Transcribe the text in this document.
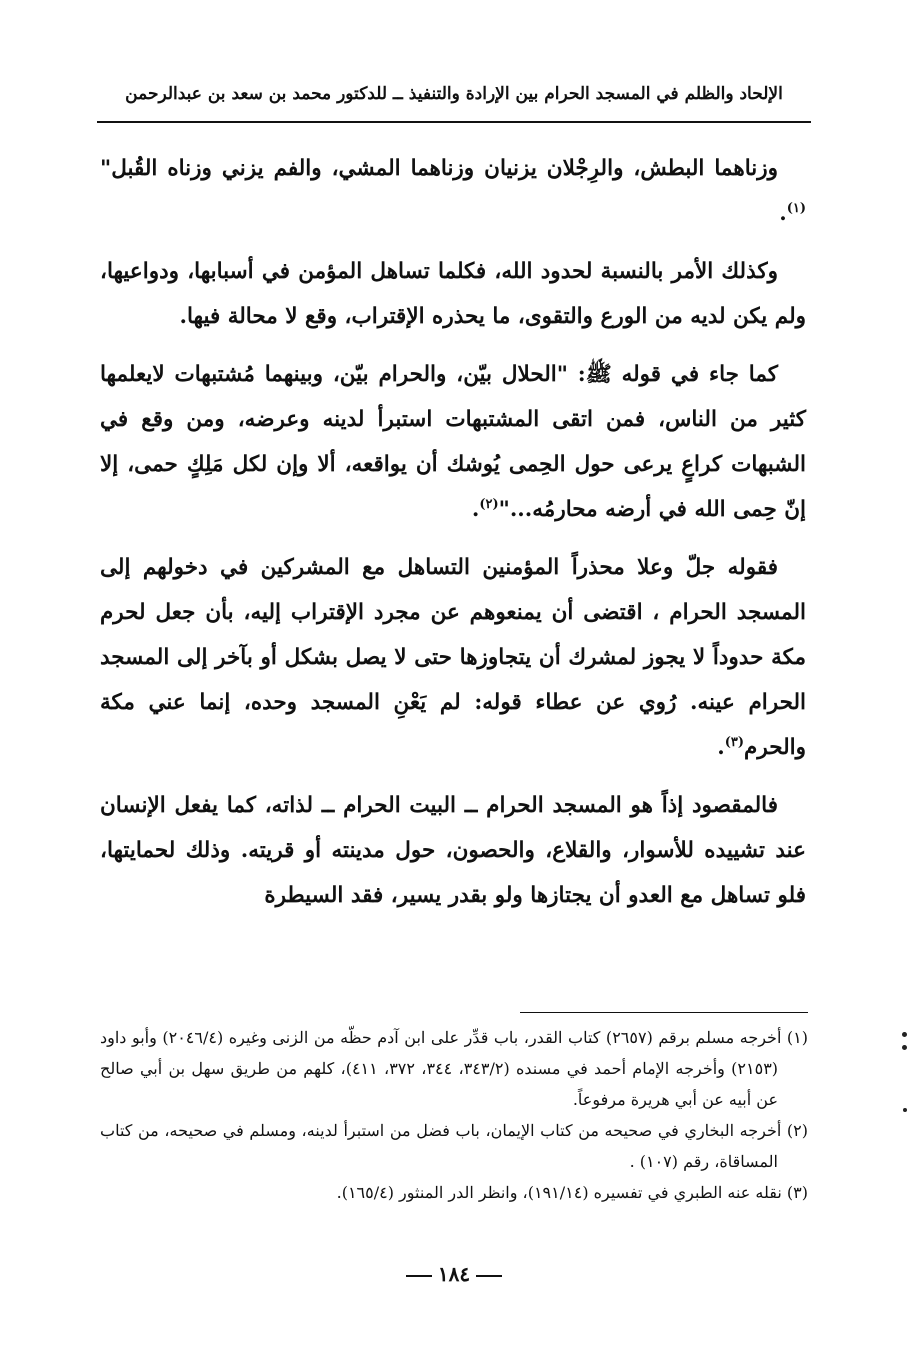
الإلحاد والظلم في المسجد الحرام بين الإرادة والتنفيذ ــ للدكتور محمد بن سعد بن عبدالرحمن

وزناهما البطش، والرِجْلان يزنيان وزناهما المشي، والفم يزني وزناه القُبل"$^{(١)}$.

وكذلك الأمر بالنسبة لحدود الله، فكلما تساهل المؤمن في أسبابها، ودواعيها، ولم يكن لديه من الورع والتقوى، ما يحذره الإقتراب، وقع لا محالة فيها.

كما جاء في قوله ﷺ: "الحلال بيّن، والحرام بيّن، وبينهما مُشتبهات لايعلمها كثير من الناس، فمن اتقى المشتبهات استبرأ لدينه وعرضه، ومن وقع في الشبهات كراعٍ يرعى حول الحِمى يُوشك أن يواقعه، ألا وإن لكل مَلِكٍ حمى، إلا إنّ حِمى الله في أرضه محارمُه..."$^{(٢)}$.

فقوله جلّ وعلا محذراً المؤمنين التساهل مع المشركين في دخولهم إلى المسجد الحرام ، اقتضى أن يمنعوهم عن مجرد الإقتراب إليه، بأن جعل لحرم مكة حدوداً لا يجوز لمشرك أن يتجاوزها حتى لا يصل بشكل أو بآخر إلى المسجد الحرام عينه. رُوي عن عطاء قوله: لم يَعْنِ المسجد وحده، إنما عني مكة والحرم$^{(٣)}$.

فالمقصود إذاً هو المسجد الحرام ــ البيت الحرام ــ لذاته، كما يفعل الإنسان عند تشييده للأسوار، والقلاع، والحصون، حول مدينته أو قريته. وذلك لحمايتها، فلو تساهل مع العدو أن يجتازها ولو بقدر يسير، فقد السيطرة

(١) أخرجه مسلم برقم (٢٦٥٧) كتاب القدر، باب قدِّر على ابن آدم حظّه من الزنى وغيره (٢٠٤٦/٤) وأبو داود (٢١٥٣) وأخرجه الإمام أحمد في مسنده (٣٤٣/٢، ٣٤٤، ٣٧٢، ٤١١)، كلهم من طريق سهل بن أبي صالح عن أبيه عن أبي هريرة مرفوعاً.

(٢) أخرجه البخاري في صحيحه من كتاب الإيمان، باب فضل من استبرأ لدينه، ومسلم في صحيحه، من كتاب المساقاة، رقم (١٠٧) .

(٣) نقله عنه الطبري في تفسيره (١٩١/١٤)، وانظر الدر المنثور (١٦٥/٤).

١٨٤
